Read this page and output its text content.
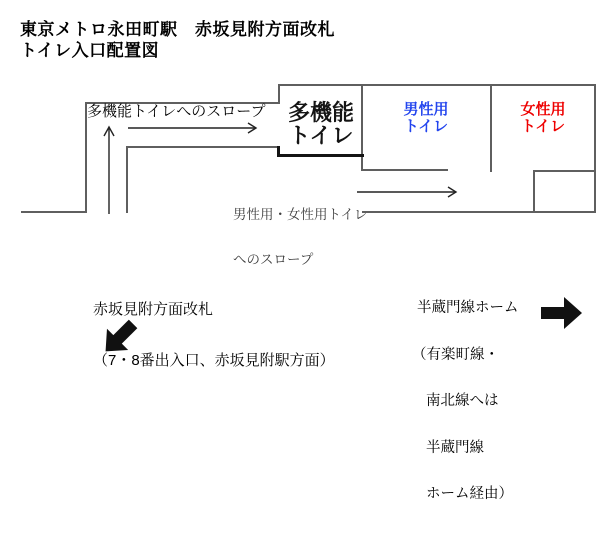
東京メトロ永田町駅　赤坂見附方面改札
トイレ入口配置図
多機能
トイレ
男性用
トイレ
女性用
トイレ
多機能トイレへのスロープ

男性用・女性用トイレ

へのスロープ

赤坂見附方面改札

（7・8番出入口、赤坂見附駅方面）

半蔵門線ホーム

（有楽町線・

南北線へは

半蔵門線

ホーム経由）
